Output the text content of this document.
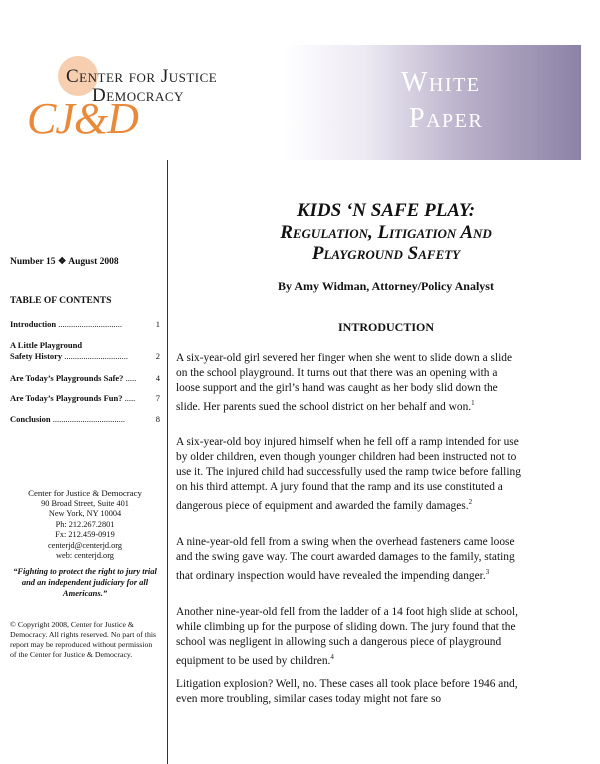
Center for Justice
Democracy
CJ&D
White
Paper
Number 15 ❖ August 2008
TABLE OF CONTENTS
Introduction ..............................	1
A Little Playground
Safety History ..............................	2
Are Today’s Playgrounds Safe? ..... 4
Are Today’s Playgrounds Fun? ..... 7
Conclusion ..................................	8
Center for Justice & Democracy
90 Broad Street, Suite 401
New York, NY 10004
Ph: 212.267.2801
Fx: 212.459-0919
centerjd@centerjd.org
web: centerjd.org
“Fighting to protect the right to jury trial and an independent judiciary for all Americans.”
© Copyright 2008, Center for Justice & Democracy. All rights reserved. No part of this report may be reproduced without permission of the Center for Justice & Democracy.
KIDS ‘N SAFE PLAY:
Regulation, Litigation And
Playground Safety
By Amy Widman, Attorney/Policy Analyst
INTRODUCTION
A six-year-old girl severed her finger when she went to slide down a slide on the school playground. It turns out that there was an opening with a loose support and the girl’s hand was caught as her body slid down the slide. Her parents sued the school district on her behalf and won.$^1$
A six-year-old boy injured himself when he fell off a ramp intended for use by older children, even though younger children had been instructed not to use it. The injured child had successfully used the ramp twice before falling on his third attempt. A jury found that the ramp and its use constituted a dangerous piece of equipment and awarded the family damages.$^2$
A nine-year-old fell from a swing when the overhead fasteners came loose and the swing gave way. The court awarded damages to the family, stating that ordinary inspection would have revealed the impending danger.$^3$
Another nine-year-old fell from the ladder of a 14 foot high slide at school, while climbing up for the purpose of sliding down. The jury found that the school was negligent in allowing such a dangerous piece of playground equipment to be used by children.$^4$
Litigation explosion? Well, no. These cases all took place before 1946 and, even more troubling, similar cases today might not fare so
